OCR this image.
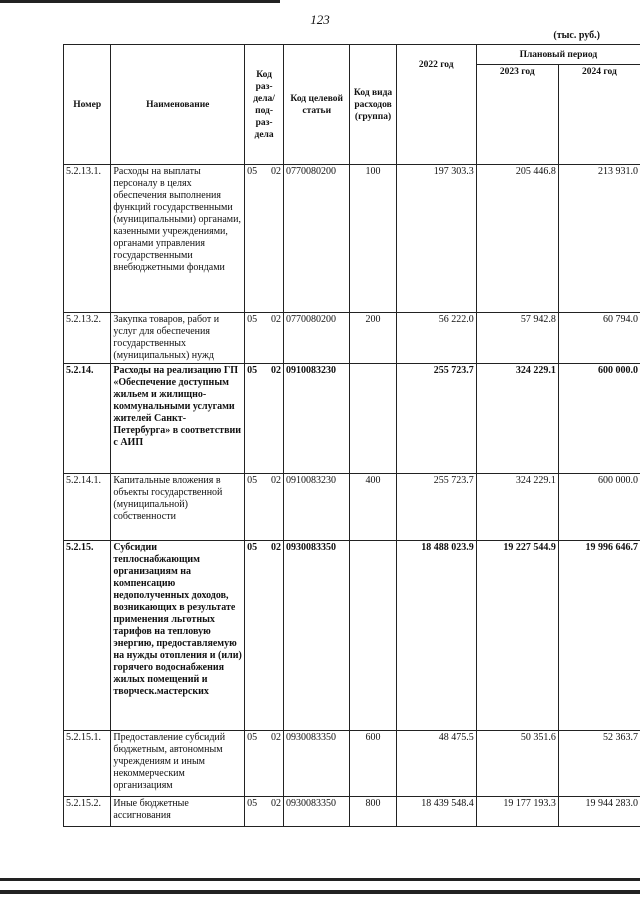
123
(тыс. руб.)
Номер	Наименование	Код раз- дела/ под- раз- дела	Код целевой статьи	Код вида расходов (группа)	2022 год	Плановый период	
						2023 год	2024 год
5.2.13.1.	Расходы на выплаты персоналу в целях обеспечения выполнения функций государственными (муниципальными) органами, казенными учреждениями, органами управления государственными внебюджетными фондами	05 02	0770080200	100	197 303.3	205 446.8	213 931.0
5.2.13.2.	Закупка товаров, работ и услуг для обеспечения государственных (муниципальных) нужд	05 02	0770080200	200	56 222.0	57 942.8	60 794.0
5.2.14.	Расходы на реализацию ГП «Обеспечение доступным жильем и жилищно-коммунальными услугами жителей Санкт-Петербурга» в соответствии с АИП	05 02	0910083230		255 723.7	324 229.1	600 000.0
5.2.14.1.	Капитальные вложения в объекты государственной (муниципальной) собственности	05 02	0910083230	400	255 723.7	324 229.1	600 000.0
5.2.15.	Субсидии теплоснабжающим организациям на компенсацию недополученных доходов, возникающих в результате применения льготных тарифов на тепловую энергию, предоставляемую на нужды отопления и (или) горячего водоснабжения жилых помещений и творческ.мастерских	05 02	0930083350		18 488 023.9	19 227 544.9	19 996 646.7
5.2.15.1.	Предоставление субсидий бюджетным, автономным учреждениям и иным некоммерческим организациям	05 02	0930083350	600	48 475.5	50 351.6	52 363.7
5.2.15.2.	Иные бюджетные ассигнования	05 02	0930083350	800	18 439 548.4	19 177 193.3	19 944 283.0
